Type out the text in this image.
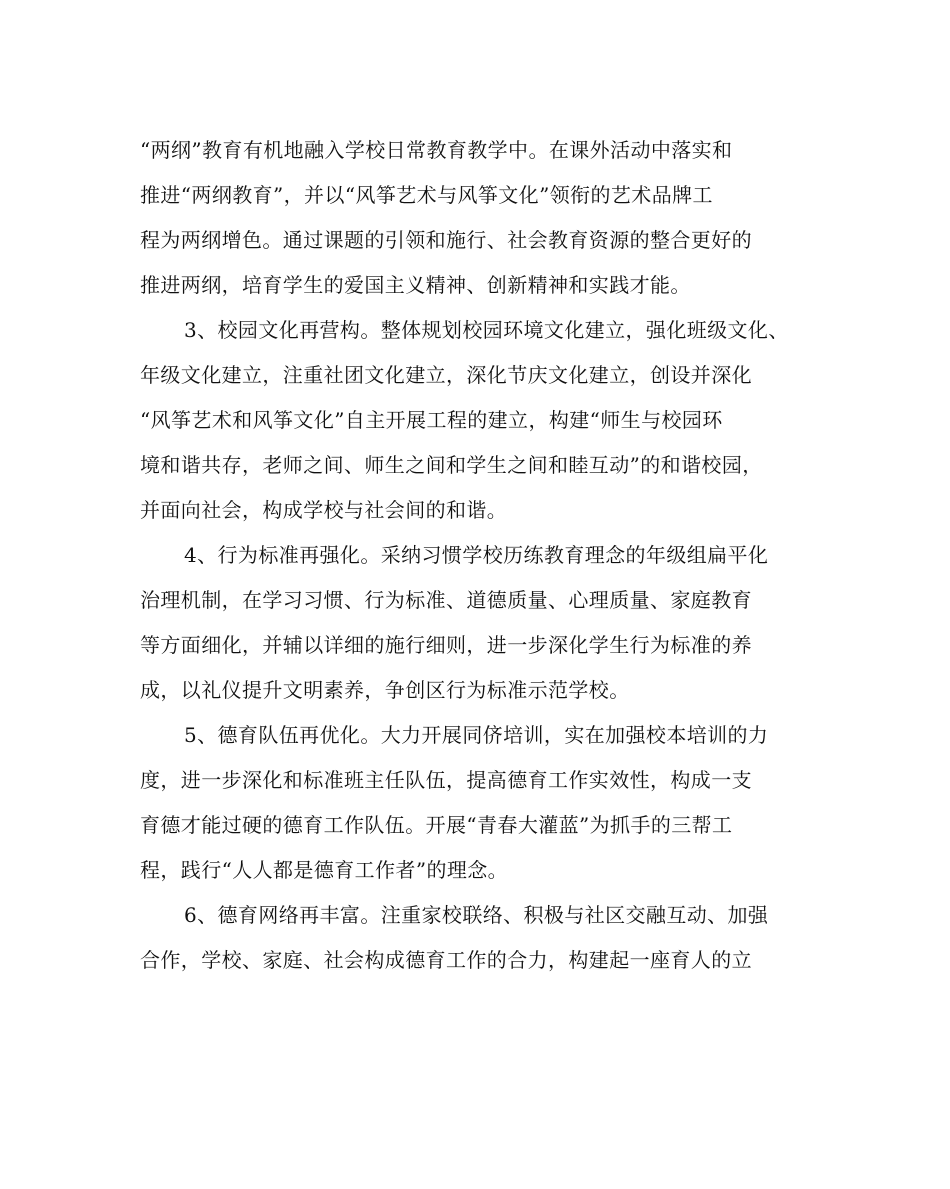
“两纲”教育有机地融入学校日常教育教学中。在课外活动中落实和
推进“两纲教育”，并以“风筝艺术与风筝文化”领衔的艺术品牌工
程为两纲增色。通过课题的引领和施行、社会教育资源的整合更好的
推进两纲，培育学生的爱国主义精神、创新精神和实践才能。
3、校园文化再营构。整体规划校园环境文化建立，强化班级文化、
年级文化建立，注重社团文化建立，深化节庆文化建立，创设并深化
“风筝艺术和风筝文化”自主开展工程的建立，构建“师生与校园环
境和谐共存，老师之间、师生之间和学生之间和睦互动”的和谐校园，
并面向社会，构成学校与社会间的和谐。
4、行为标准再强化。采纳习惯学校历练教育理念的年级组扁平化
治理机制，在学习习惯、行为标准、道德质量、心理质量、家庭教育
等方面细化，并辅以详细的施行细则，进一步深化学生行为标准的养
成，以礼仪提升文明素养，争创区行为标准示范学校。
5、德育队伍再优化。大力开展同侪培训，实在加强校本培训的力
度，进一步深化和标准班主任队伍，提高德育工作实效性，构成一支
育德才能过硬的德育工作队伍。开展“青春大灌蓝”为抓手的三帮工
程，践行“人人都是德育工作者”的理念。
6、德育网络再丰富。注重家校联络、积极与社区交融互动、加强
合作，学校、家庭、社会构成德育工作的合力，构建起一座育人的立
